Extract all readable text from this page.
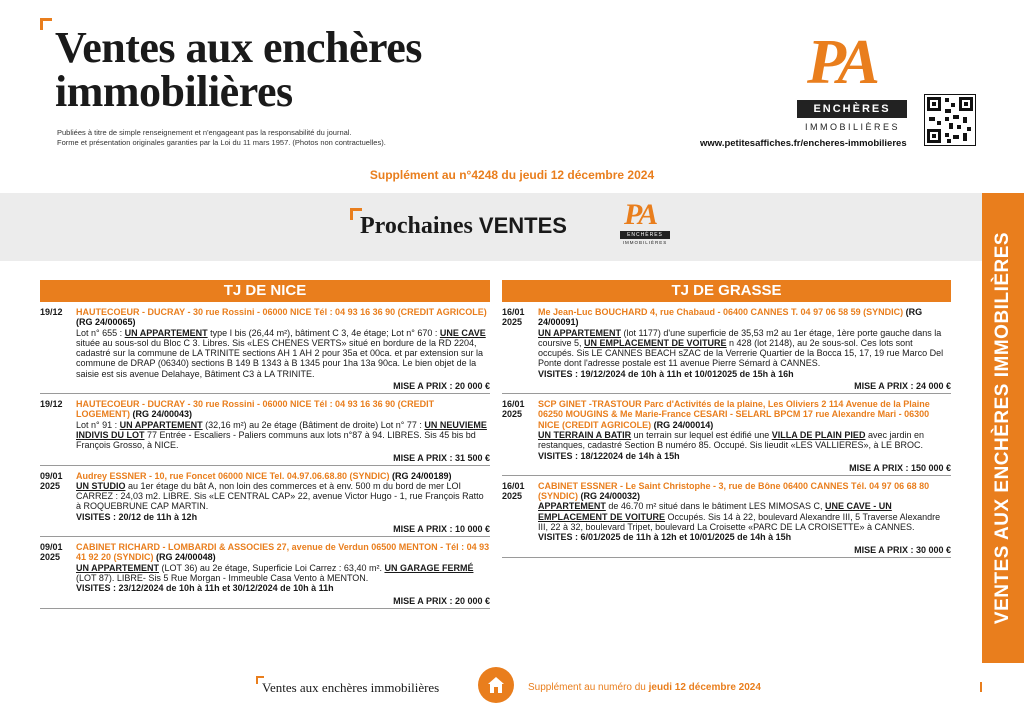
Ventes aux enchères
immobilières
Publiées à titre de simple renseignement et n'engageant pas la responsabilité du journal.
Forme et présentation originales garanties par la Loi du 11 mars 1957. (Photos non contractuelles).
PA
ENCHÈRES
IMMOBILIÈRES
www.petitesaffiches.fr/encheres-immobilieres
Supplément au n°4248 du jeudi 12 décembre 2024
Prochaines VENTES PA
ENCHÈRES
IMMOBILIÈRES	VENTES AUX ENCHÈRES IMMOBILIÈRES
TJ DE NICE
19/12	HAUTECOEUR - DUCRAY - 30 rue Rossini - 06000 NICE Tél : 04 93 16 36 90 (CREDIT AGRICOLE) (RG 24/00065)
Lot n° 655 : UN APPARTEMENT type I bis (26,44 m²), bâtiment C 3, 4e étage; Lot n° 670 : UNE CAVE située au sous-sol du Bloc C 3. Libres. Sis «LES CHENES VERTS» situé en bordure de la RD 2204, cadastré sur la commune de LA TRINITE sections AH 1 AH 2 pour 35a et 00ca. et par extension sur la commune de DRAP (06340) sections B 149 B 1343 à B 1345 pour 1ha 13a 90ca. Le bien objet de la saisie est sis avenue Delahaye, Bâtiment C3 à LA TRINITE.
MISE A PRIX : 20 000 €
19/12	HAUTECOEUR - DUCRAY - 30 rue Rossini - 06000 NICE Tél : 04 93 16 36 90 (CREDIT LOGEMENT) (RG 24/00043)
Lot n° 91 : UN APPARTEMENT (32,16 m²) au 2e étage (Bâtiment de droite) Lot n° 77 : UN NEUVIEME INDIVIS DU LOT 77 Entrée - Escaliers - Paliers communs aux lots n°87 à 94. LIBRES. Sis 45 bis bd François Grosso, à NICE.
MISE A PRIX : 31 500 €
09/01
2025
Audrey ESSNER - 10, rue Foncet 06000 NICE Tel. 04.97.06.68.80 (SYNDIC) (RG 24/00189)
UN STUDIO au 1er étage du bât A, non loin des commerces et à env. 500 m du bord de mer LOI CARREZ : 24,03 m2. LIBRE. Sis «LE CENTRAL CAP» 22, avenue Victor Hugo - 1, rue François Ratto à ROQUEBRUNE CAP MARTIN.
VISITES : 20/12 de 11h à 12h
MISE A PRIX : 10 000 €
09/01
2025
CABINET RICHARD - LOMBARDI & ASSOCIES 27, avenue de Verdun 06500 MENTON - Tél : 04 93 41 92 20 (SYNDIC) (RG 24/00048)
UN APPARTEMENT (LOT 36) au 2e étage, Superficie Loi Carrez : 63,40 m². UN GARAGE FERMÉ (LOT 87). LIBRE- Sis 5 Rue Morgan - Immeuble Casa Vento à MENTON.
VISITES : 23/12/2024 de 10h à 11h et 30/12/2024 de 10h à 11h
MISE A PRIX : 20 000 €
TJ DE GRASSE
16/01
2025
Me Jean-Luc BOUCHARD 4, rue Chabaud - 06400 CANNES T. 04 97 06 58 59 (SYNDIC) (RG 24/00091)
UN APPARTEMENT (lot 1177) d'une superficie de 35,53 m2 au 1er étage, 1ère porte gauche dans la coursive 5, UN EMPLACEMENT DE VOITURE n 428 (lot 2148), au 2e sous-sol. Ces lots sont occupés. Sis LE CANNES BEACH sZAC de la Verrerie Quartier de la Bocca 15, 17, 19 rue Marco Del Ponte dont l'adresse postale est 11 avenue Pierre Sémard à CANNES.
VISITES : 19/12/2024 de 10h à 11h et 10/012025 de 15h à 16h
MISE A PRIX : 24 000 €
16/01
2025
SCP GINET -TRASTOUR Parc d'Activités de la plaine, Les Oliviers 2 114 Avenue de la Plaine 06250 MOUGINS & Me Marie-France CESARI - SELARL BPCM 17 rue Alexandre Mari - 06300 NICE (CREDIT AGRICOLE) (RG 24/00014)
UN TERRAIN A BATIR un terrain sur lequel est édifié une VILLA DE PLAIN PIED avec jardin en restanques, cadastré Section B numéro 85. Occupé. Sis lieudit «LES VALLIERES», à LE BROC.
VISITES : 18/122024 de 14h à 15h
MISE A PRIX : 150 000 €
16/01
2025
CABINET ESSNER - Le Saint Christophe - 3, rue de Bône 06400 CANNES Tél. 04 97 06 68 80 (SYNDIC) (RG 24/00032)
APPARTEMENT de 46.70 m² situé dans le bâtiment LES MIMOSAS C, UNE CAVE - UN EMPLACEMENT DE VOITURE Occupés. Sis 14 à 22, boulevard Alexandre III, 5 Traverse Alexandre III, 22 à 32, boulevard Tripet, boulevard La Croisette «PARC DE LA CROISETTE» à CANNES.
VISITES : 6/01/2025 de 11h à 12h et 10/01/2025 de 14h à 15h
MISE A PRIX : 30 000 €
Ventes aux enchères immobilières	Supplément au numéro du jeudi 12 décembre 2024
